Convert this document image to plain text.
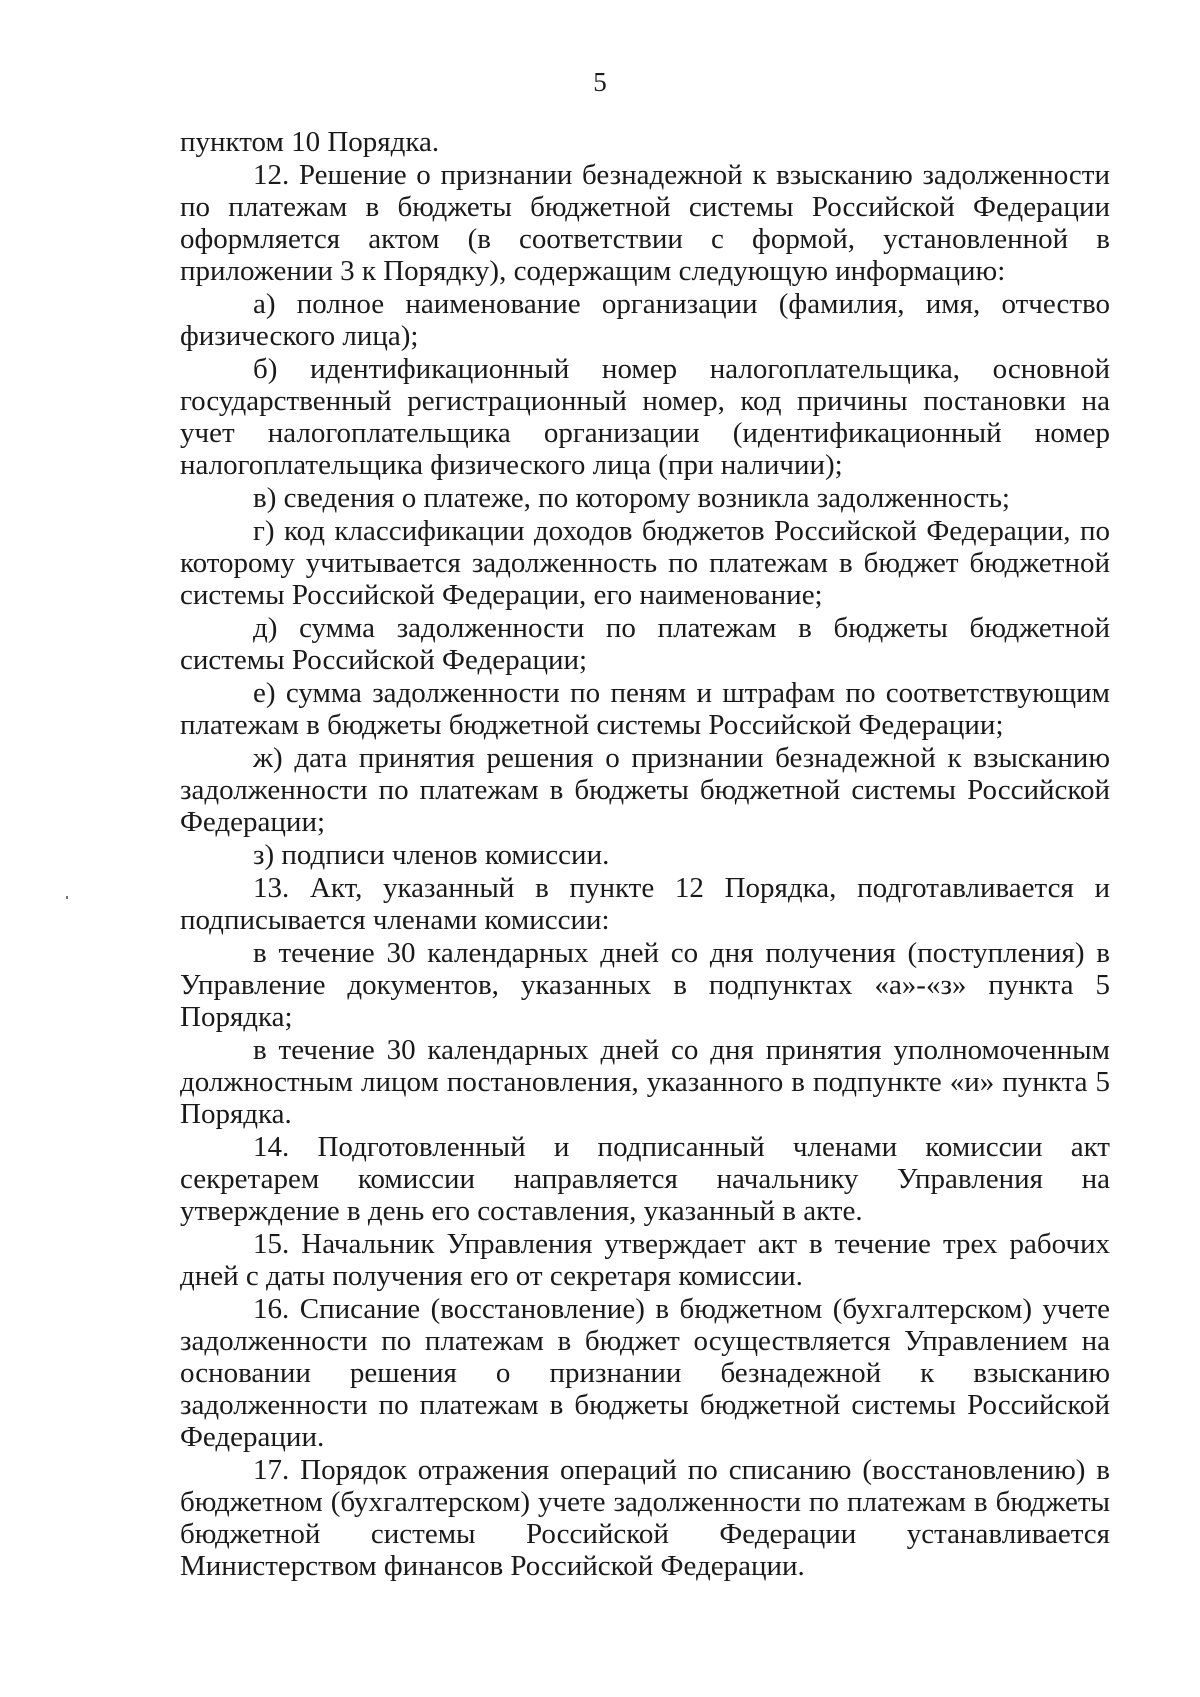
5

пунктом 10 Порядка.

12. Решение о признании безнадежной к взысканию задолженности по платежам в бюджеты бюджетной системы Российской Федерации оформляется актом (в соответствии с формой, установленной в приложении 3 к Порядку), содержащим следующую информацию:

а) полное наименование организации (фамилия, имя, отчество физического лица);

б) идентификационный номер налогоплательщика, основной государственный регистрационный номер, код причины постановки на учет налогоплательщика организации (идентификационный номер налогоплательщика физического лица (при наличии);

в) сведения о платеже, по которому возникла задолженность;

г) код классификации доходов бюджетов Российской Федерации, по которому учитывается задолженность по платежам в бюджет бюджетной системы Российской Федерации, его наименование;

д) сумма задолженности по платежам в бюджеты бюджетной системы Российской Федерации;

е) сумма задолженности по пеням и штрафам по соответствующим платежам в бюджеты бюджетной системы Российской Федерации;

ж) дата принятия решения о признании безнадежной к взысканию задолженности по платежам в бюджеты бюджетной системы Российской Федерации;

з) подписи членов комиссии.

13. Акт, указанный в пункте 12 Порядка, подготавливается и подписывается членами комиссии:

в течение 30 календарных дней со дня получения (поступления) в Управление документов, указанных в подпунктах «а»-«з» пункта 5 Порядка;

в течение 30 календарных дней со дня принятия уполномоченным должностным лицом постановления, указанного в подпункте «и» пункта 5 Порядка.

14. Подготовленный и подписанный членами комиссии акт секретарем комиссии направляется начальнику Управления на утверждение в день его составления, указанный в акте.

15. Начальник Управления утверждает акт в течение трех рабочих дней с даты получения его от секретаря комиссии.

16. Списание (восстановление) в бюджетном (бухгалтерском) учете задолженности по платежам в бюджет осуществляется Управлением на основании решения о признании безнадежной к взысканию задолженности по платежам в бюджеты бюджетной системы Российской Федерации.

17. Порядок отражения операций по списанию (восстановлению) в бюджетном (бухгалтерском) учете задолженности по платежам в бюджеты бюджетной системы Российской Федерации устанавливается Министерством финансов Российской Федерации.
